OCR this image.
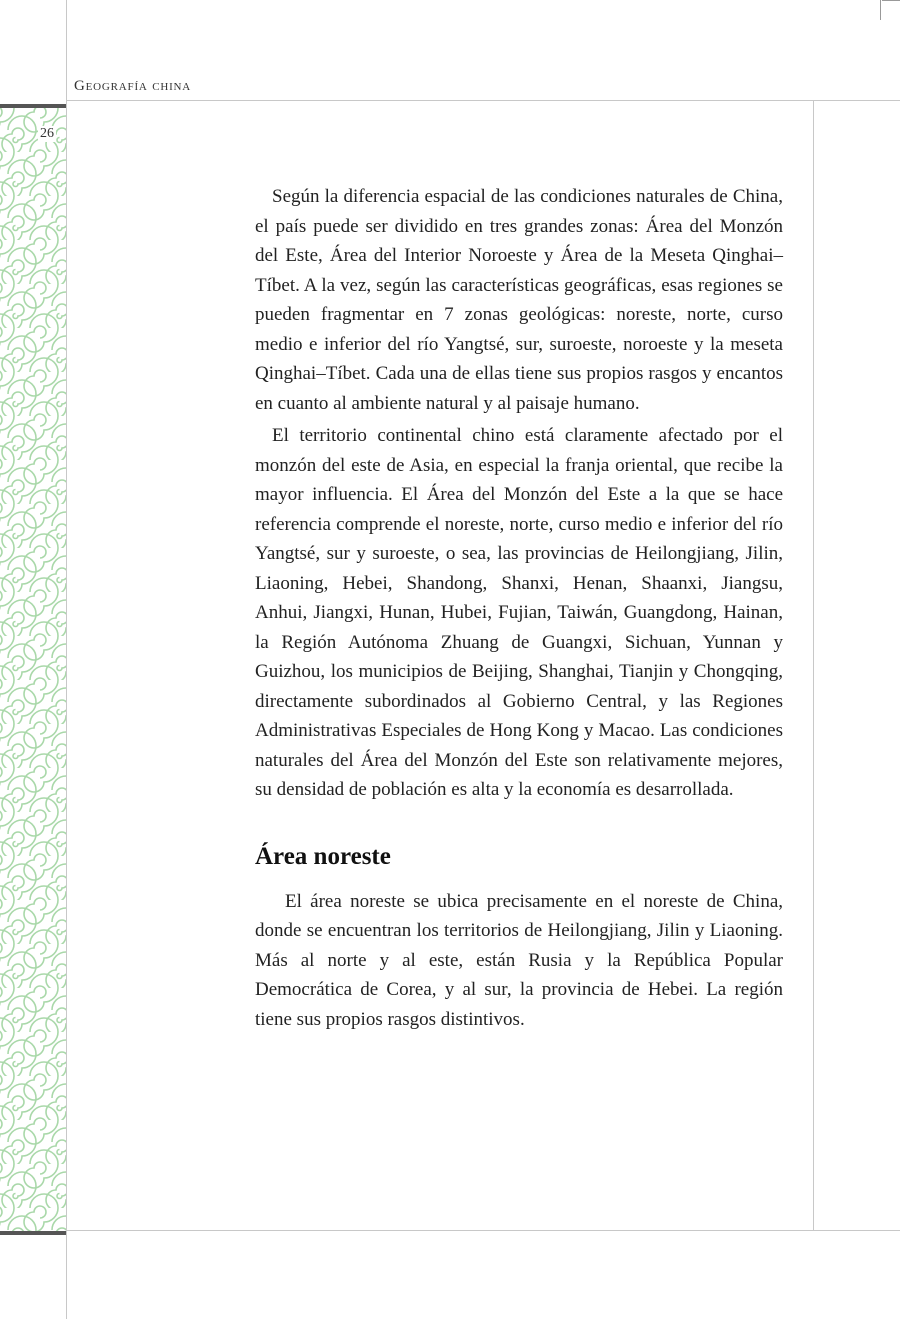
Geografía china
26

Según la diferencia espacial de las condiciones naturales de China, el país puede ser dividido en tres grandes zonas: Área del Monzón del Este, Área del Interior Noroeste y Área de la Meseta Qinghai–Tíbet. A la vez, según las características geográficas, esas regiones se pueden fragmentar en 7 zonas geológicas: noreste, norte, curso medio e inferior del río Yangtsé, sur, suroeste, noroeste y la meseta Qinghai–Tíbet. Cada una de ellas tiene sus propios rasgos y encantos en cuanto al ambiente natural y al paisaje humano.

El territorio continental chino está claramente afectado por el monzón del este de Asia, en especial la franja oriental, que recibe la mayor influencia. El Área del Monzón del Este a la que se hace referencia comprende el noreste, norte, curso medio e inferior del río Yangtsé, sur y suroeste, o sea, las provincias de Heilongjiang, Jilin, Liaoning, Hebei, Shandong, Shanxi, Henan, Shaanxi, Jiangsu, Anhui, Jiangxi, Hunan, Hubei, Fujian, Taiwán, Guangdong, Hainan, la Región Autónoma Zhuang de Guangxi, Sichuan, Yunnan y Guizhou, los municipios de Beijing, Shanghai, Tianjin y Chongqing, directamente subordinados al Gobierno Central, y las Regiones Administrativas Especiales de Hong Kong y Macao. Las condiciones naturales del Área del Monzón del Este son relativamente mejores, su densidad de población es alta y la economía es desarrollada.

Área noreste

El área noreste se ubica precisamente en el noreste de China, donde se encuentran los territorios de Heilongjiang, Jilin y Liaoning. Más al norte y al este, están Rusia y la República Popular Democrática de Corea, y al sur, la provincia de Hebei. La región tiene sus propios rasgos distintivos.
